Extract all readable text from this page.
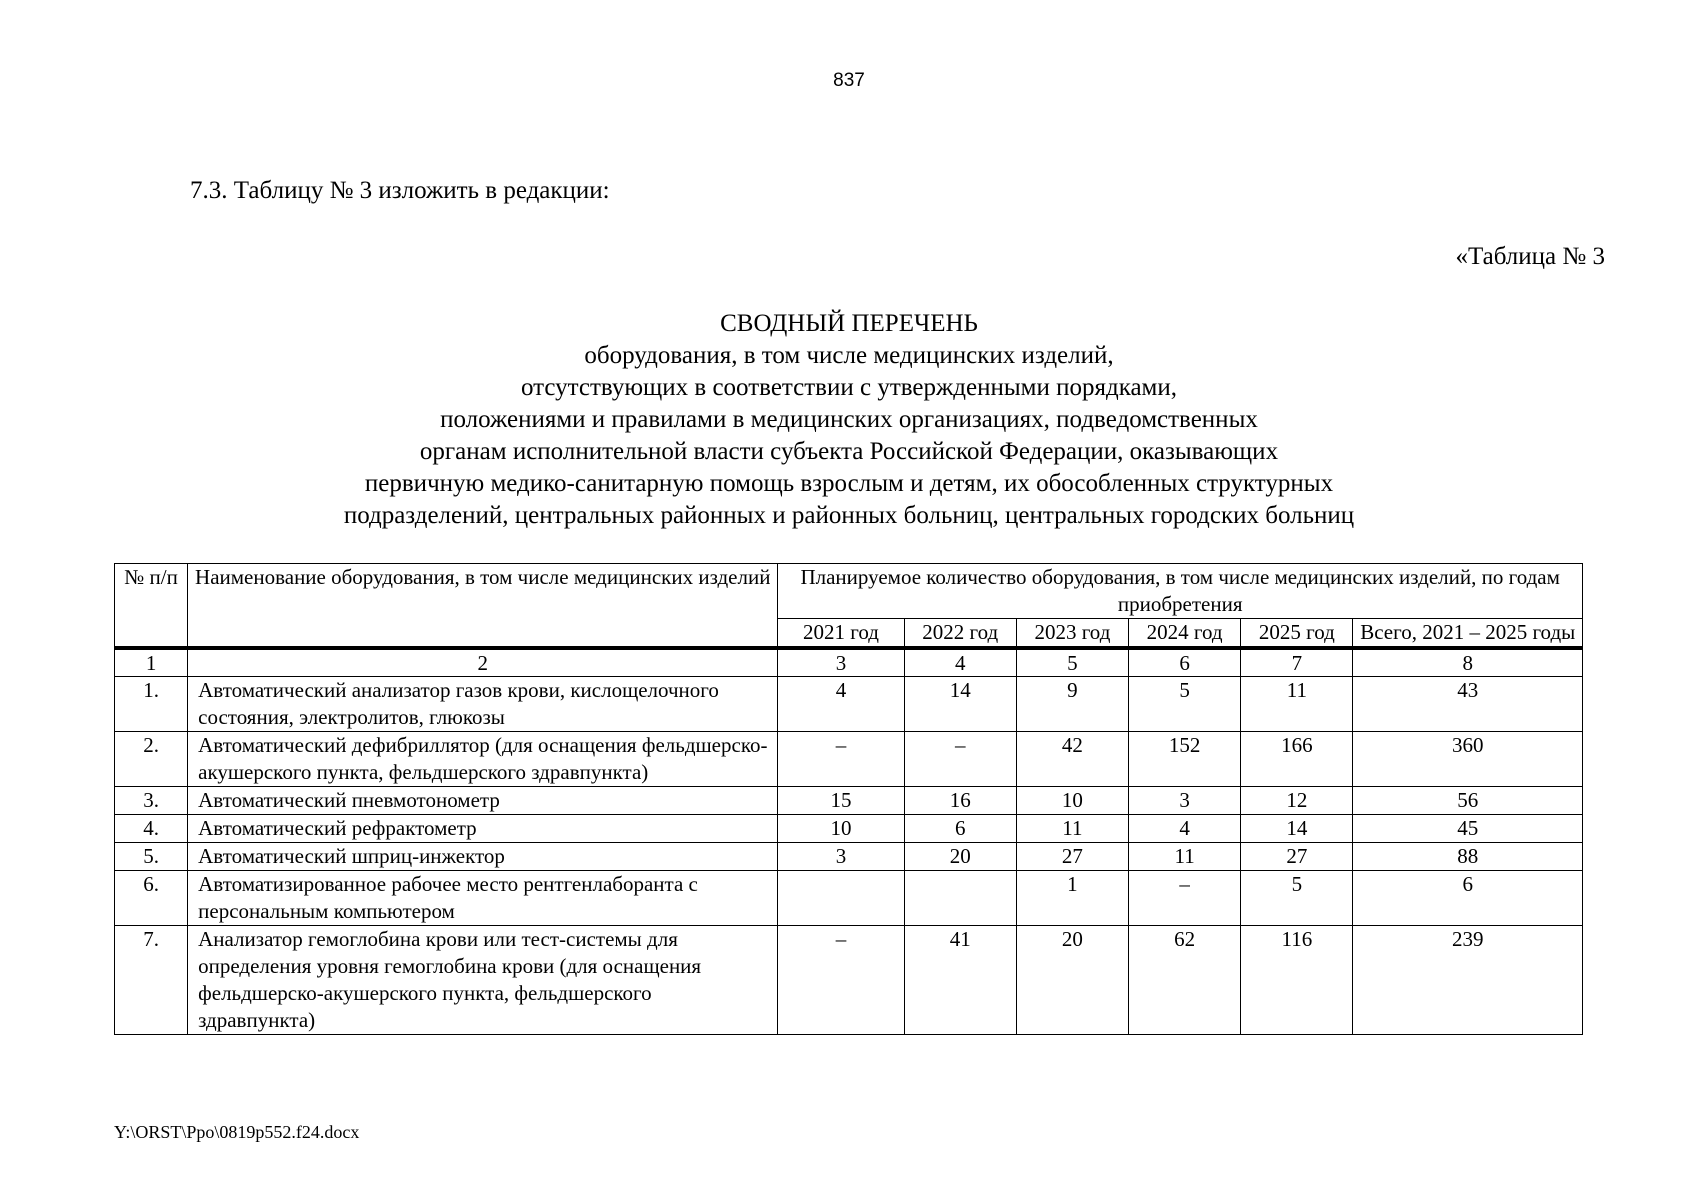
837
7.3. Таблицу № 3 изложить в редакции:
«Таблица № 3
СВОДНЫЙ ПЕРЕЧЕНЬ
оборудования, в том числе медицинских изделий,
отсутствующих в соответствии с утвержденными порядками,
положениями и правилами в медицинских организациях, подведомственных
органам исполнительной власти субъекта Российской Федерации, оказывающих
первичную медико-санитарную помощь взрослым и детям, их обособленных структурных
подразделений, центральных районных и районных больниц, центральных городских больниц
№ п/п	Наименование оборудования, в том числе медицинских изделий	Планируемое количество оборудования, в том числе медицинских изделий, по годам приобретения					
		2021 год	2022 год	2023 год	2024 год	2025 год	Всего, 2021 – 2025 годы
1	2	3	4	5	6	7	8
1.	Автоматический анализатор газов крови, кислощелочного состояния, электролитов, глюкозы	4	14	9	5	11	43
2.	Автоматический дефибриллятор (для оснащения фельдшерско-акушерского пункта, фельдшерского здравпункта)	–	–	42	152	166	360
3.	Автоматический пневмотонометр	15	16	10	3	12	56
4.	Автоматический рефрактометр	10	6	11	4	14	45
5.	Автоматический шприц-инжектор	3	20	27	11	27	88
6.	Автоматизированное рабочее место рентгенлаборанта с персональным компьютером			1	–	5	6
7.	Анализатор гемоглобина крови или тест-системы для определения уровня гемоглобина крови (для оснащения фельдшерско-акушерского пункта, фельдшерского здравпункта)	–	41	20	62	116	239
Y:\ORST\Ppo\0819p552.f24.docx
